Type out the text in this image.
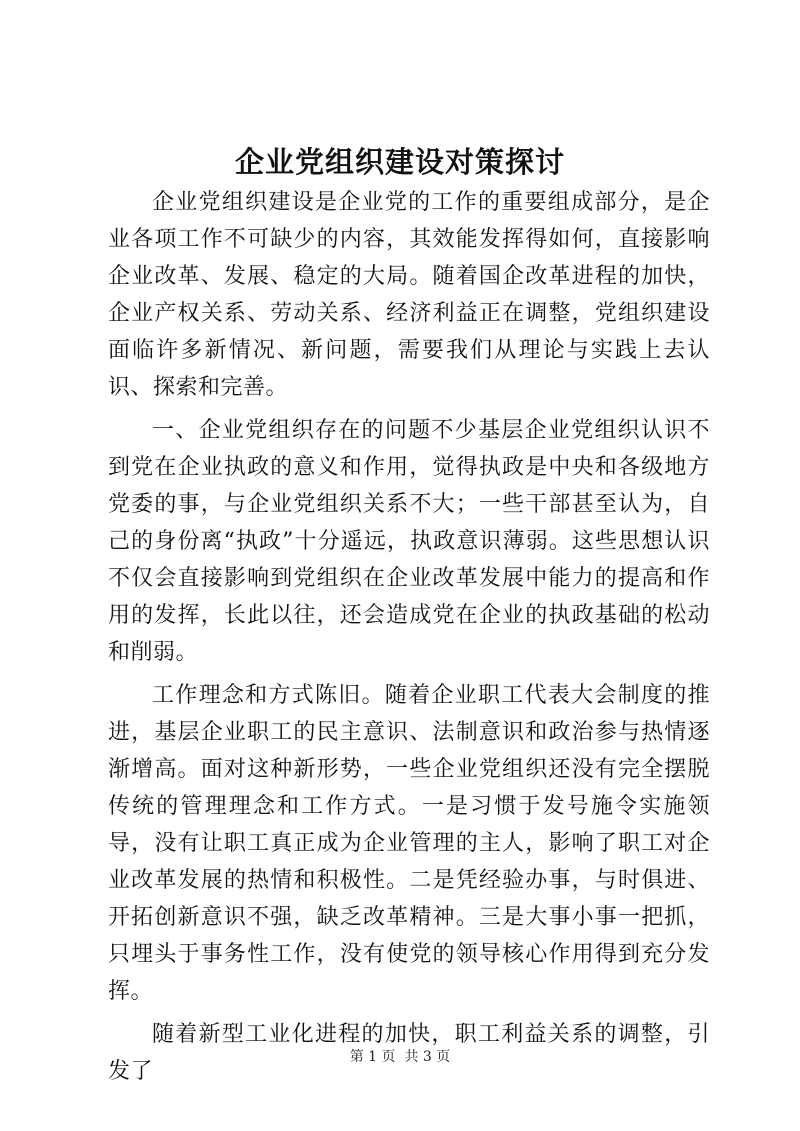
企业党组织建设对策探讨

企业党组织建设是企业党的工作的重要组成部分，是企业各项工作不可缺少的内容，其效能发挥得如何，直接影响企业改革、发展、稳定的大局。随着国企改革进程的加快，企业产权关系、劳动关系、经济利益正在调整，党组织建设面临许多新情况、新问题，需要我们从理论与实践上去认识、探索和完善。

一、企业党组织存在的问题不少基层企业党组织认识不到党在企业执政的意义和作用，觉得执政是中央和各级地方党委的事，与企业党组织关系不大；一些干部甚至认为，自己的身份离“执政”十分遥远，执政意识薄弱。这些思想认识不仅会直接影响到党组织在企业改革发展中能力的提高和作用的发挥，长此以往，还会造成党在企业的执政基础的松动和削弱。

工作理念和方式陈旧。随着企业职工代表大会制度的推进，基层企业职工的民主意识、法制意识和政治参与热情逐渐增高。面对这种新形势，一些企业党组织还没有完全摆脱传统的管理理念和工作方式。一是习惯于发号施令实施领导，没有让职工真正成为企业管理的主人，影响了职工对企业改革发展的热情和积极性。二是凭经验办事，与时俱进、开拓创新意识不强，缺乏改革精神。三是大事小事一把抓，只埋头于事务性工作，没有使党的领导核心作用得到充分发挥。

随着新型工业化进程的加快，职工利益关系的调整，引发了

第 1 页  共 3 页
